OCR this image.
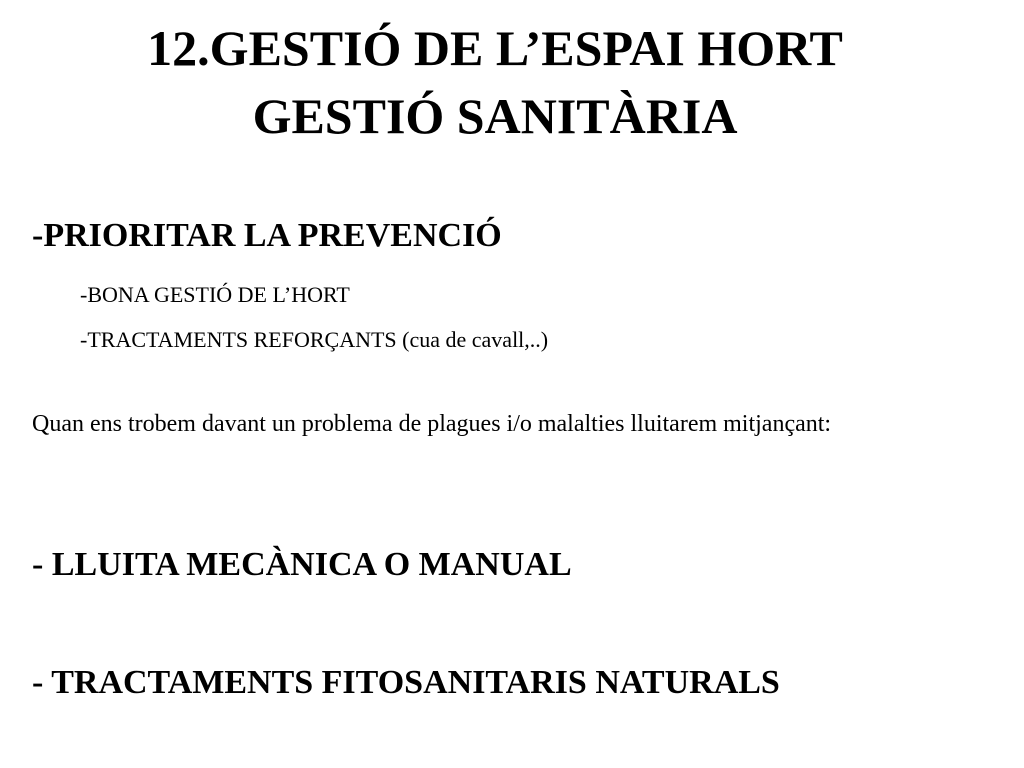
12.GESTIÓ DE L’ESPAI HORT
GESTIÓ SANITÀRIA

-PRIORITAR LA PREVENCIÓ

-BONA GESTIÓ DE L’HORT

-TRACTAMENTS REFORÇANTS (cua de cavall,..)

Quan ens trobem davant un problema de plagues i/o malalties lluitarem mitjançant:

- LLUITA MECÀNICA O MANUAL

- TRACTAMENTS FITOSANITARIS NATURALS
